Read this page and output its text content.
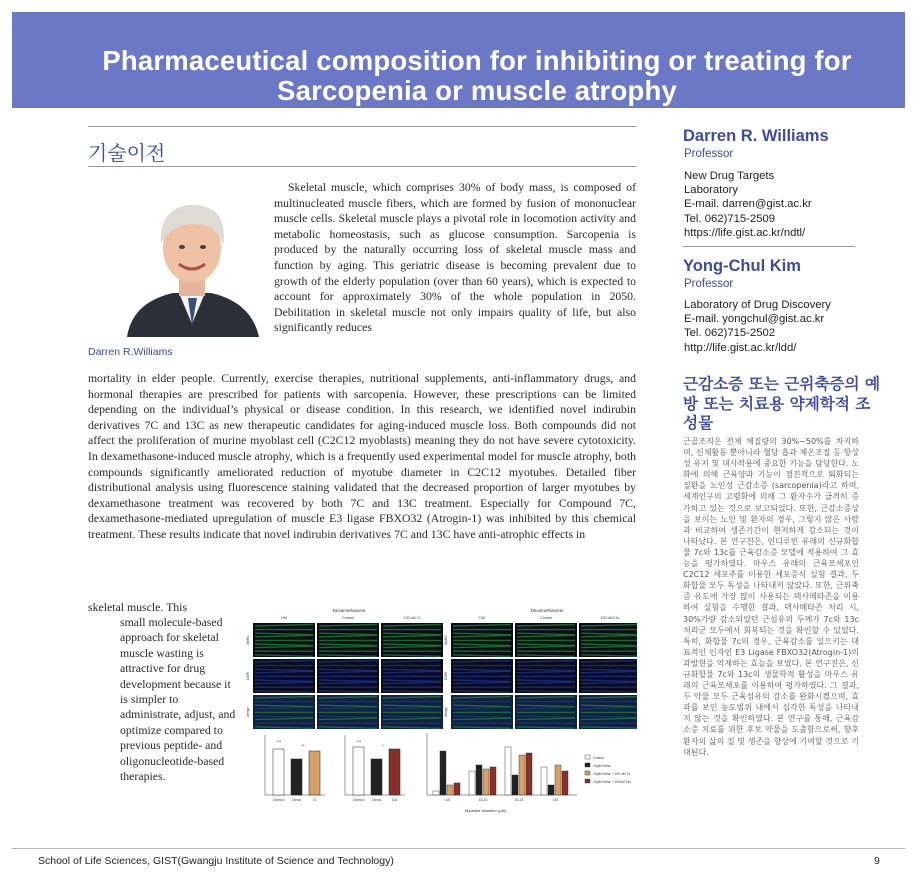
Pharmaceutical composition for inhibiting or treating for Sarcopenia or muscle atrophy
기술이전
Darren R.Williams
Skeletal muscle, which comprises 30% of body mass, is composed of multinucleated muscle fibers, which are formed by fusion of mononuclear muscle cells. Skeletal muscle plays a pivotal role in locomotion activity and metabolic homeostasis, such as glucose consumption. Sarcopenia is produced by the naturally occurring loss of skeletal muscle mass and function by aging. This geriatric disease is becoming prevalent due to growth of the elderly population (over than 60 years), which is expected to account for approximately 30% of the whole population in 2050. Debilitation in skeletal muscle not only impairs quality of life, but also significantly reduces
mortality in elder people. Currently, exercise therapies, nutritional supplements, anti-inflammatory drugs, and hormonal therapies are prescribed for patients with sarcopenia. However, these prescriptions can be limited depending on the individual’s physical or disease condition. In this research, we identified novel indirubin derivatives 7C and 13C as new therapeutic candidates for aging-induced muscle loss. Both compounds did not affect the proliferation of murine myoblast cell (C2C12 myoblasts) meaning they do not have severe cytotoxicity. In dexamethasone-induced muscle atrophy, which is a frequently used experimental model for muscle atrophy, both compounds significantly ameliorated reduction of myotube diameter in C2C12 myotubes. Detailed fiber distributional analysis using fluorescence staining validated that the decreased proportion of larger myotubes by dexamethasone treatment was recovered by both 7C and 13C treatment. Especially for Compound 7C, dexamethasone-mediated upregulation of muscle E3 ligase FBXO32 (Atrogin-1) was inhibited by this chemical treatment. These results indicate that novel indirubin derivatives 7C and 13C have anti-atrophic effects in
skeletal muscle. This
small molecule-based approach for skeletal muscle wasting is attractive for drug development because it is simpler to administrate, adjust, and optimize compared to previous peptide- and oligonucleotide-based therapies.
Dexamethasone	Dexamethasone
DM	Control	100 nM 7c
MyHC
DAPI
Merge
DM	Control	100 nM 13c
MyHC
DAPI
Merge
Control Dexa	7c	Control Dexa	13c	<15	15-20	20-25	>25
***
**
***
*
Myotube diameter (μm)
Control
10μM Dexa
10μM Dexa + 100 nM 7c
10μM Dexa + 100nM 13c
Darren R. Williams
Professor
New Drug Targets
Laboratory
E-mail. darren@gist.ac.kr
Tel. 062)715-2509
https://life.gist.ac.kr/ndtl/
Yong-Chul Kim
Professor
Laboratory of Drug Discovery
E-mail. yongchul@gist.ac.kr
Tel. 062)715-2502
http://life.gist.ac.kr/ldd/
근감소증 또는 근위축증의 예방 또는 치료용 약제학적 조성물
근골조직은 전체 체질량의 30%~50%를 차지하며, 신체활동 뿐아니라 혈당 흡과 체온조절 등 항상성 유지 및 대사작용에 중요한 기능을 담당한다. 노화에 의해 근육양과 기능이 점진적으로 퇴화되는 질환을 노인성 근감소증 (sarcopenia)라고 하며, 세계인구의 고령화에 의해 그 환자수가 급격히 증가하고 있는 것으로 보고되었다. 또한, 근감소증상을 보이는 노인 및 환자의 경우, 그렇지 않은 사람과 비교하여 생존기간이 현저하게 감소되는 것이 나타났다. 본 연구진은, 인디루빈 유래의 신규화합물 7c와 13c를 근육감소증 모델에 적용하여 그 효능을 평가하였다. 마우스 유래의 근육모세포인 C2C12 세포주를 이용한 세포증식 실험 결과, 두 화합물 모두 독성을 나타내지 않았다. 또한, 근위축증 유도에 가장 많이 사용되는 덱사메타존을 이용하여 실험을 수행한 결과, 덱사메타존 처리 시, 30%가량 감소되었던 근섬유의 두께가 7c와 13c 처리군 모두에서 회복되는 것을 확인할 수 있었다. 특히, 화합물 7c의 경우, 근육감소를 일으키는 대표적인 인자인 E3 Ligase FBXO32(Atrogin-1)의 과발현을 억제하는 효능을 보였다. 본 연구진은, 신규화합물 7c와 13c의 생물학적 활성을 마우스 유래의 근육모세포를 이용하여 평가하였다. 그 결과, 두 약물 모두 근육섬유의 감소를 완화시켰으며, 효과를 보인 농도범위 내에서 심각한 독성을 나타내지 않는 것을 확인하였다. 본 연구를 통해, 근육감소증 치료를 위한 후보 약물을 도출함으로써, 향후 환자의 삶의 질 및 생존을 향상에 기여할 것으로 기대된다.
School of Life Sciences, GIST(Gwangju Institute of Science and Technology)	9
